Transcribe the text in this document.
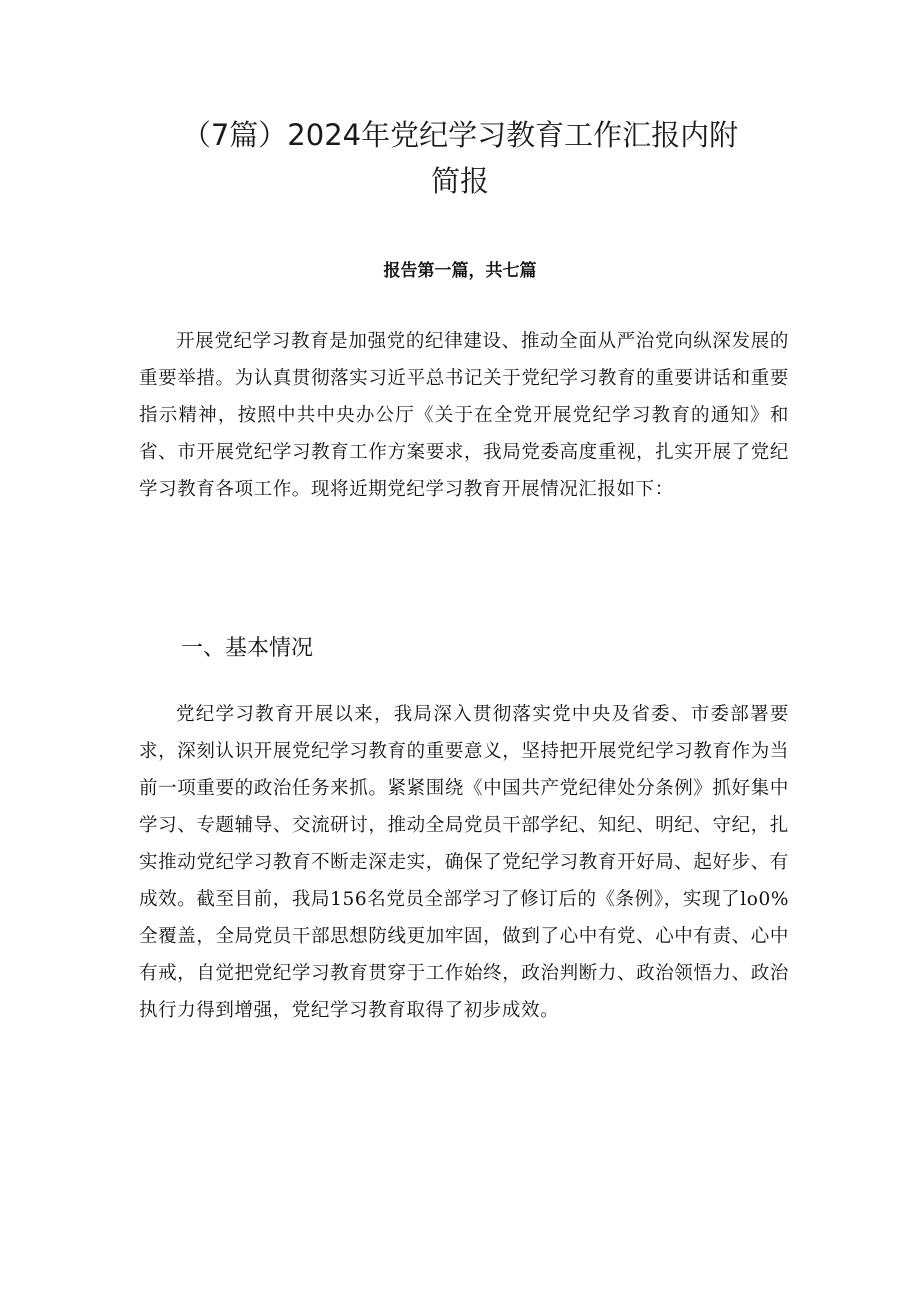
（7篇）2024年党纪学习教育工作汇报内附
简报
报告第一篇，共七篇

开展党纪学习教育是加强党的纪律建设、推动全面从严治党向纵深发展的重要举措。为认真贯彻落实习近平总书记关于党纪学习教育的重要讲话和重要指示精神，按照中共中央办公厅《关于在全党开展党纪学习教育的通知》和省、市开展党纪学习教育工作方案要求，我局党委高度重视，扎实开展了党纪学习教育各项工作。现将近期党纪学习教育开展情况汇报如下：

一、基本情况

党纪学习教育开展以来，我局深入贯彻落实党中央及省委、市委部署要求，深刻认识开展党纪学习教育的重要意义，坚持把开展党纪学习教育作为当前一项重要的政治任务来抓。紧紧围绕《中国共产党纪律处分条例》抓好集中学习、专题辅导、交流研讨，推动全局党员干部学纪、知纪、明纪、守纪，扎实推动党纪学习教育不断走深走实，确保了党纪学习教育开好局、起好步、有成效。截至目前，我局156名党员全部学习了修订后的《条例》，实现了lo0%全覆盖，全局党员干部思想防线更加牢固，做到了心中有党、心中有责、心中有戒，自觉把党纪学习教育贯穿于工作始终，政治判断力、政治领悟力、政治执行力得到增强，党纪学习教育取得了初步成效。
